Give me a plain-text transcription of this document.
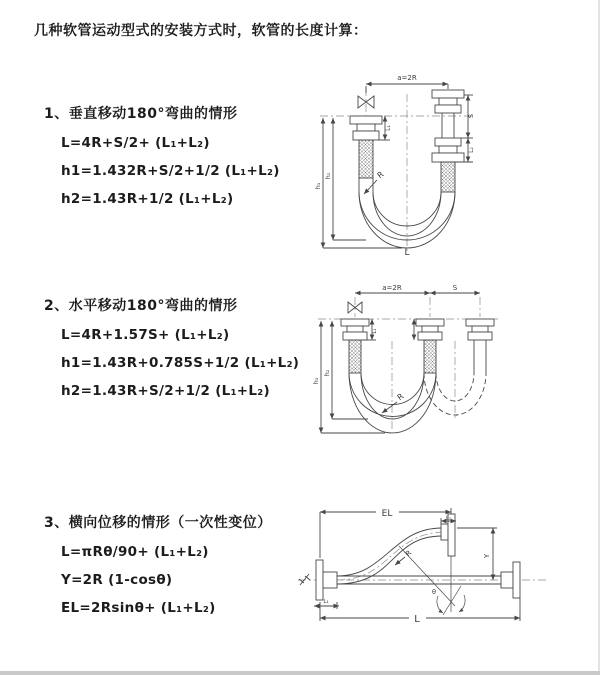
几种软管运动型式的安装方式时，软管的长度计算：
1、垂直移动180°弯曲的情形
L=4R+S/2+ (L₁+L₂)
h1=1.432R+S/2+1/2 (L₁+L₂)
h2=1.43R+1/2 (L₁+L₂)
a=2R
h₁
h₂
L₁
S
L₂
R
L
2、水平移动180°弯曲的情形
L=4R+1.57S+ (L₁+L₂)
h1=1.43R+0.785S+1/2 (L₁+L₂)
h2=1.43R+S/2+1/2 (L₁+L₂)
a=2R	S
h₁
h₂
L₁
R
3、横向位移的情形（一次性变位）
L=πRθ/90+ (L₁+L₂)
Y=2R (1-cosθ)
EL=2Rsinθ+ (L₁+L₂)
EL	L₂
Y
L₁
L
R
θ
